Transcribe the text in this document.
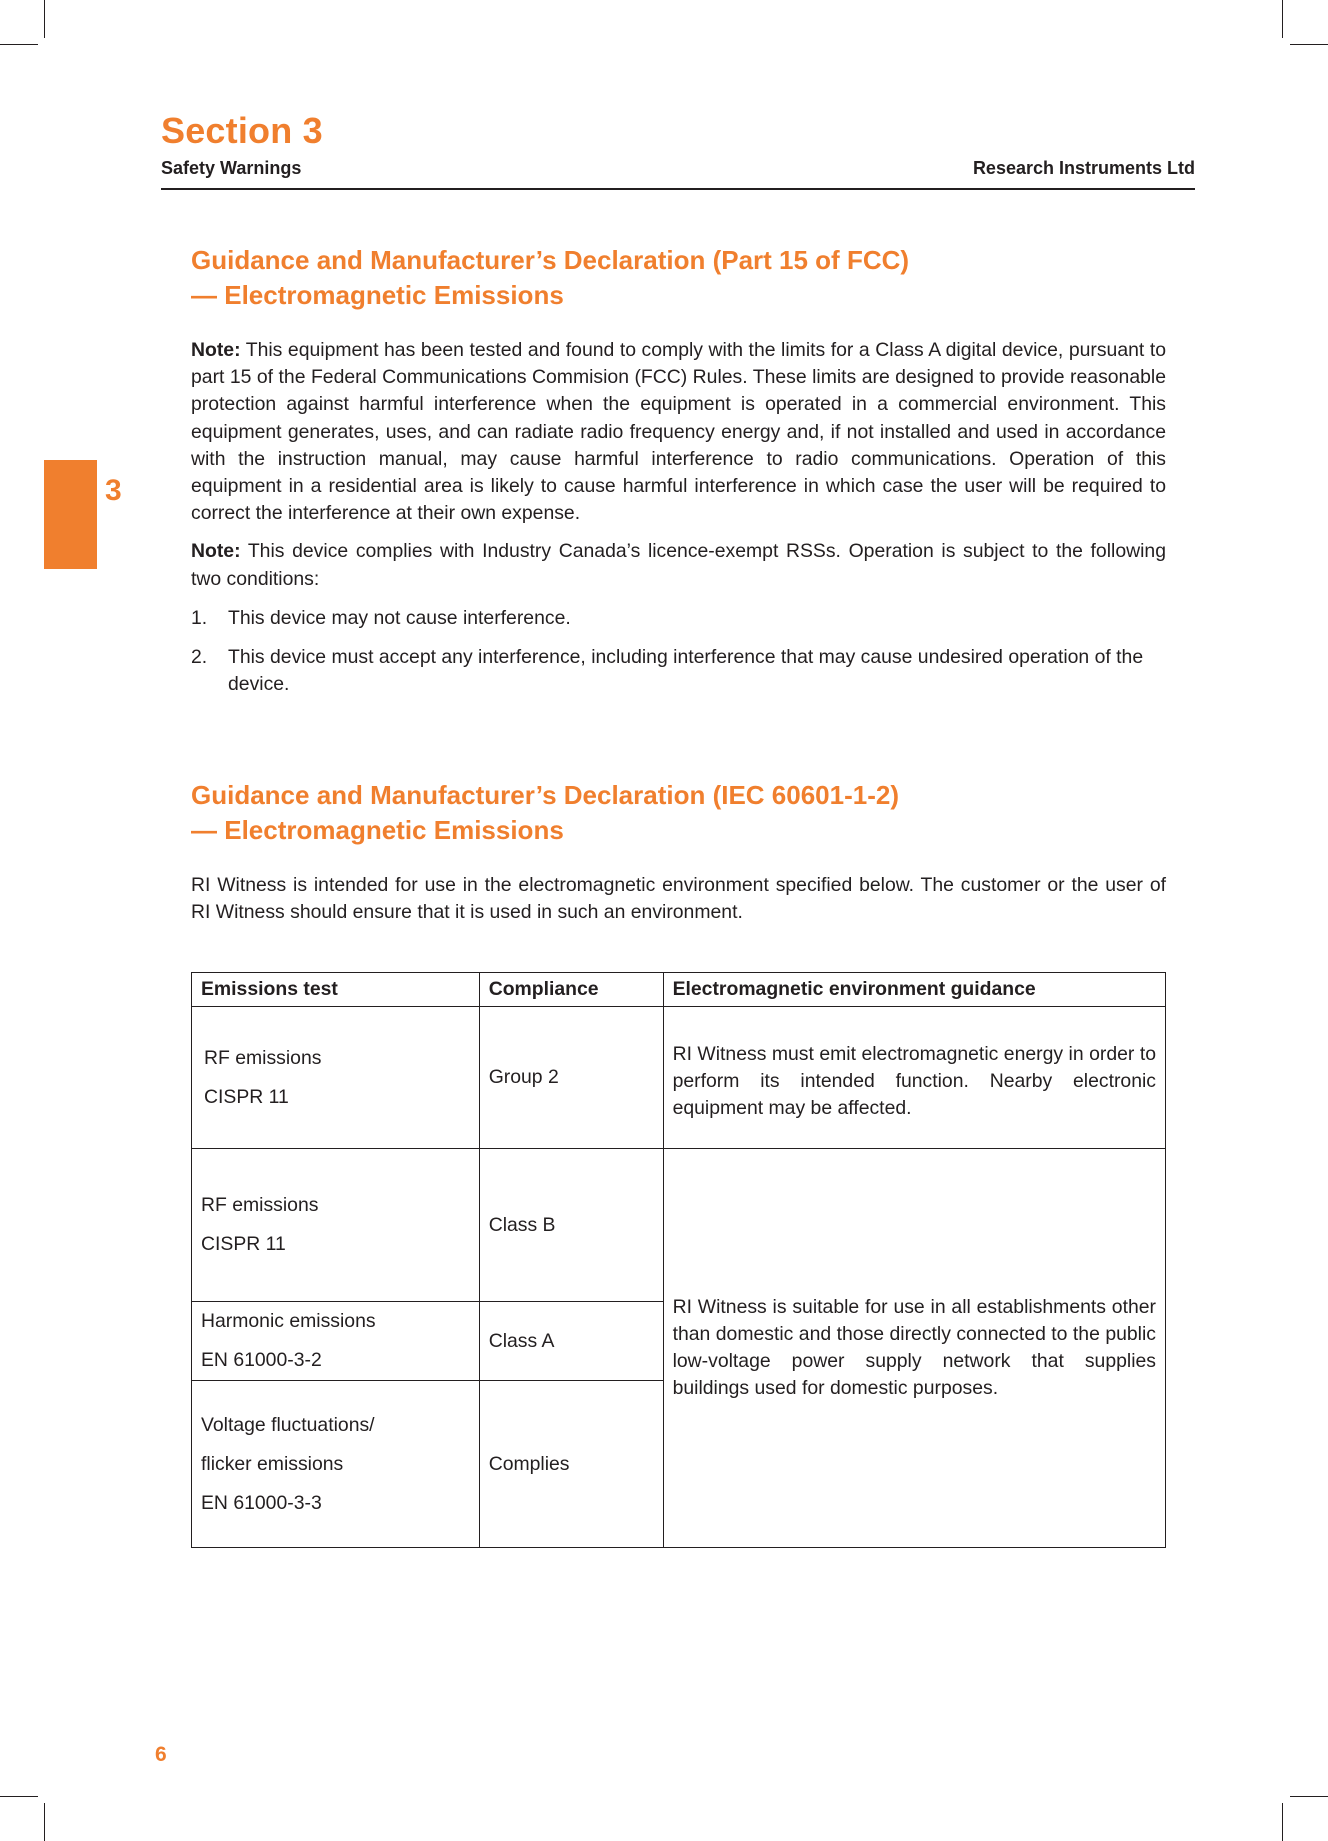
Section 3
Safety Warnings	Research Instruments Ltd
3
Guidance and Manufacturer’s Declaration (Part 15 of FCC)
— Electromagnetic Emissions

Note: This equipment has been tested and found to comply with the limits for a Class A digital device, pursuant to part 15 of the Federal Communications Commision (FCC) Rules. These limits are designed to provide reasonable protection against harmful interference when the equipment is operated in a commercial environment. This equipment generates, uses, and can radiate radio frequency energy and, if not installed and used in accordance with the instruction manual, may cause harmful interference to radio communications. Operation of this equipment in a residential area is likely to cause harmful interference in which case the user will be required to correct the interference at their own expense.

Note: This device complies with Industry Canada’s licence-exempt RSSs. Operation is subject to the following two conditions:

1. This device may not cause interference.
2. This device must accept any interference, including interference that may cause undesired operation of the device.
Guidance and Manufacturer’s Declaration (IEC 60601-1-2)
— Electromagnetic Emissions

RI Witness is intended for use in the electromagnetic environment specified below. The customer or the user of RI Witness should ensure that it is used in such an environment.

Emissions test	Compliance	Electromagnetic environment guidance

RF emissions
CISPR 11	Group 2	RI Witness must emit electromagnetic energy in order to perform its intended function. Nearby electronic equipment may be affected.

RF emissions
CISPR 11	Class B	RI Witness is suitable for use in all establishments other than domestic and those directly connected to the public low-voltage power supply network that supplies buildings used for domestic purposes.

Harmonic emissions
EN 61000-3-2	Class A	

Voltage fluctuations/
flicker emissions
EN 61000-3-3	Complies	
6
